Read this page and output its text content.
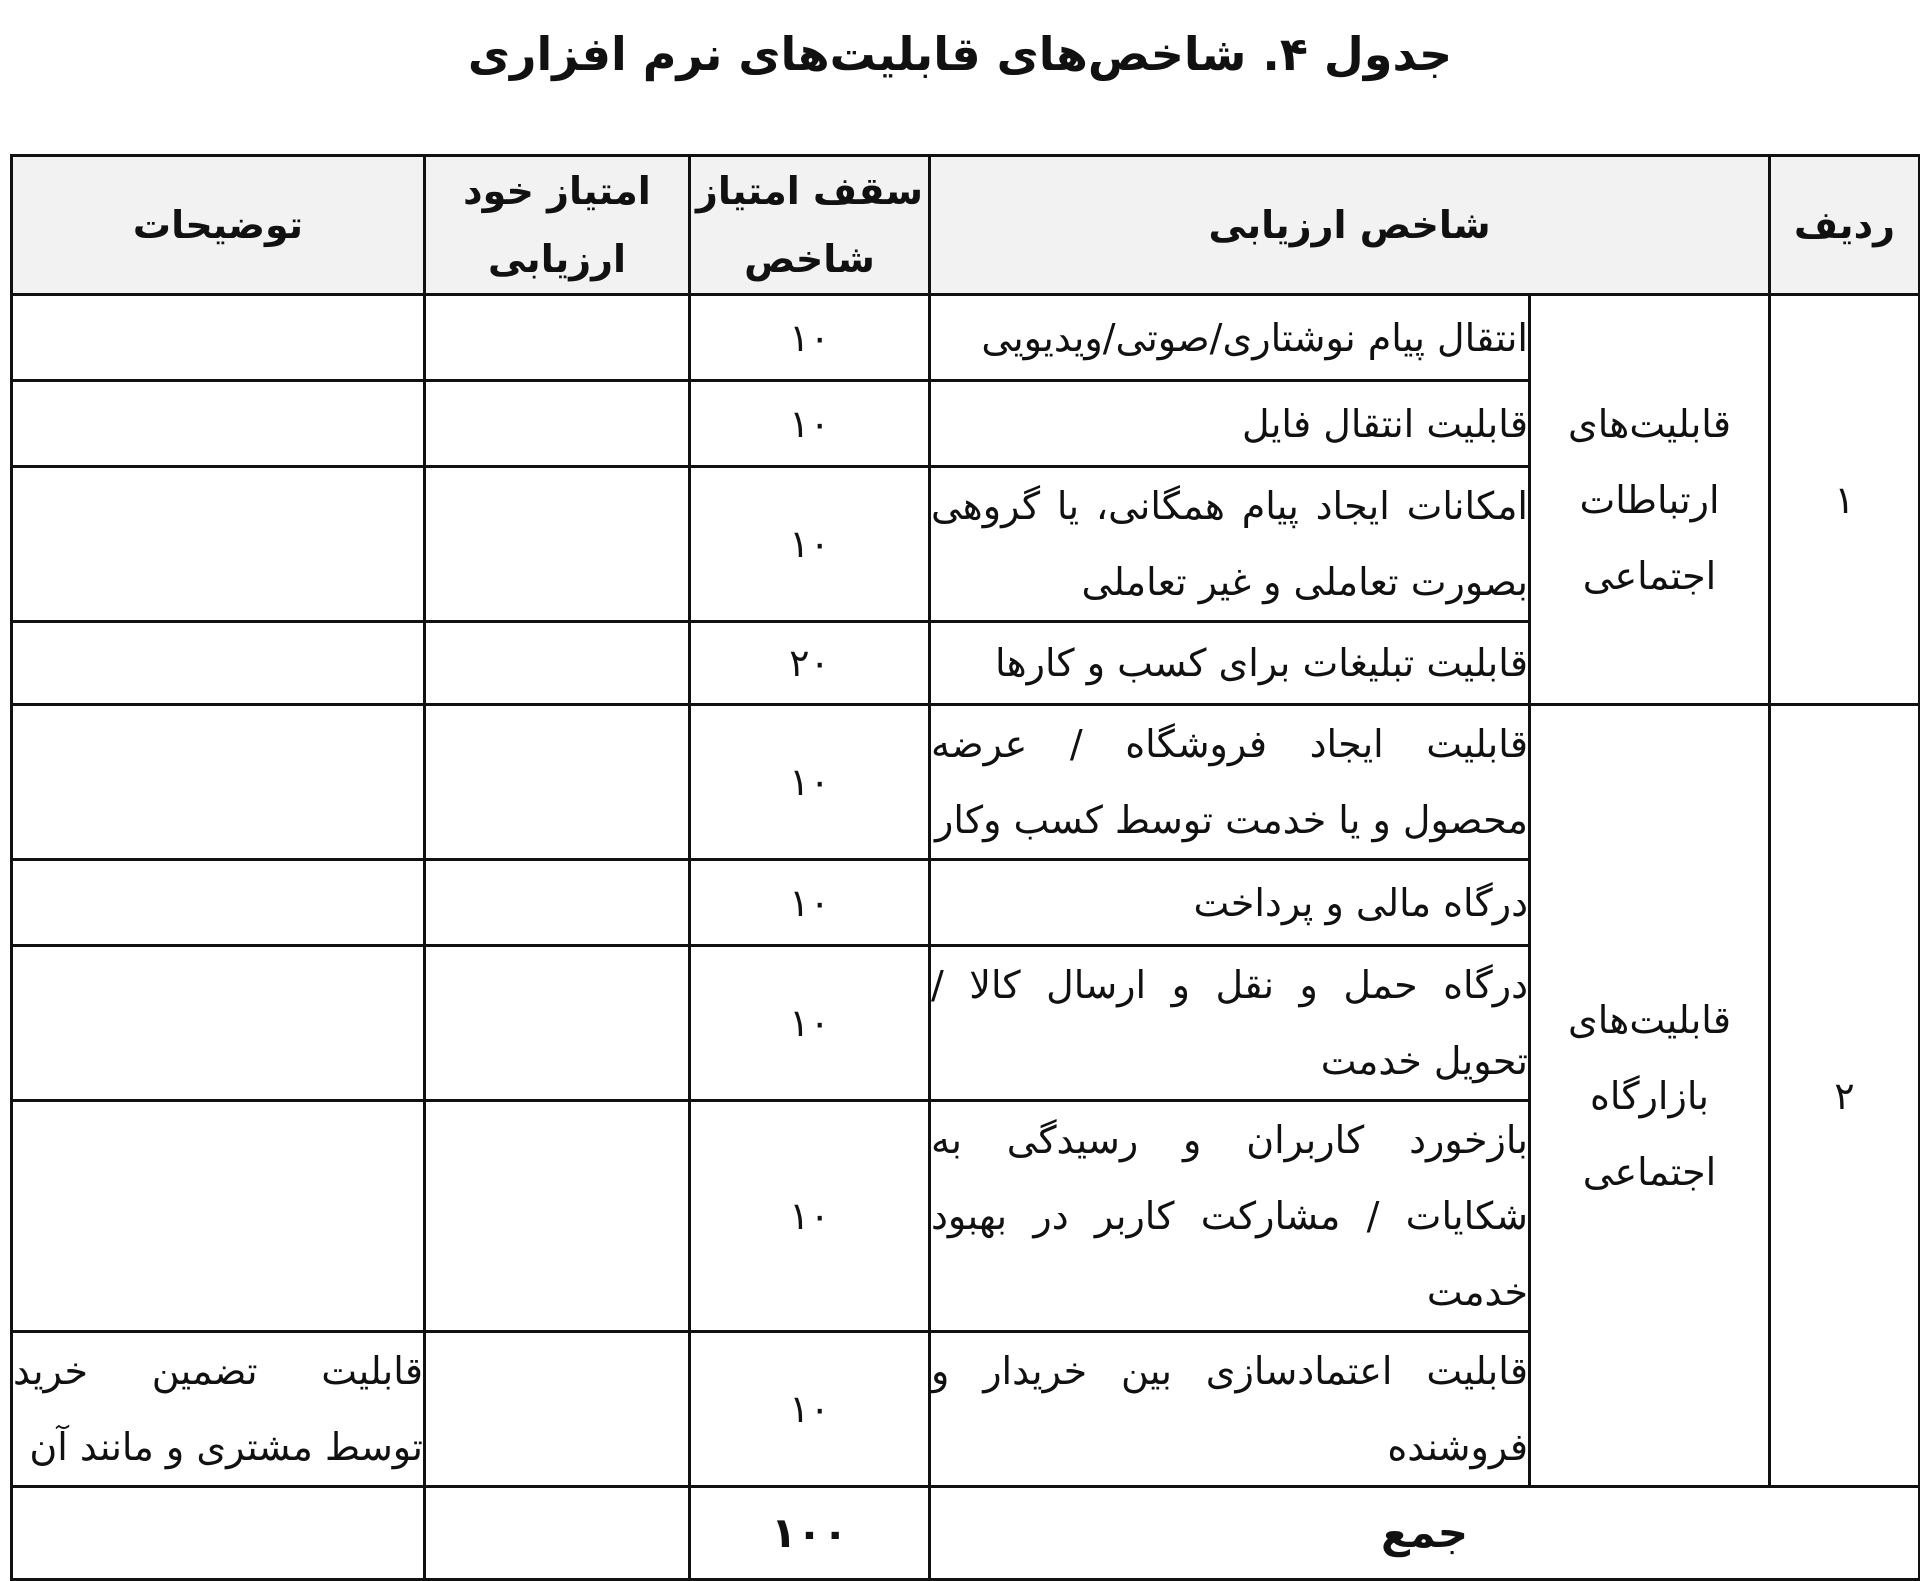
جدول ۴. شاخص‌های قابلیت‌های نرم افزاری
ردیف	شاخص ارزیابی		سقف امتیاز شاخص	امتیاز خود ارزیابی	توضیحات
۱	قابلیت‌های ارتباطات اجتماعی	انتقال پیام نوشتاری/صوتی/ویدیویی	۱۰		
		قابلیت انتقال فایل	۱۰		
		امکانات ایجاد پیام همگانی، یا گروهی بصورت تعاملی و غیر تعاملی	۱۰		
		قابلیت تبلیغات برای کسب و کارها	۲۰		
۲	قابلیت‌های بازارگاه اجتماعی	قابلیت ایجاد فروشگاه / عرضه محصول و یا خدمت توسط کسب وکار	۱۰		
		درگاه مالی و پرداخت	۱۰		
		درگاه حمل و نقل و ارسال کالا / تحویل خدمت	۱۰		
		بازخورد کاربران و رسیدگی به شکایات / مشارکت کاربر در بهبود خدمت	۱۰		
		قابلیت اعتمادسازی بین خریدار و فروشنده	۱۰		قابلیت تضمین خرید توسط مشتری و مانند آن
جمع			۱۰۰		
